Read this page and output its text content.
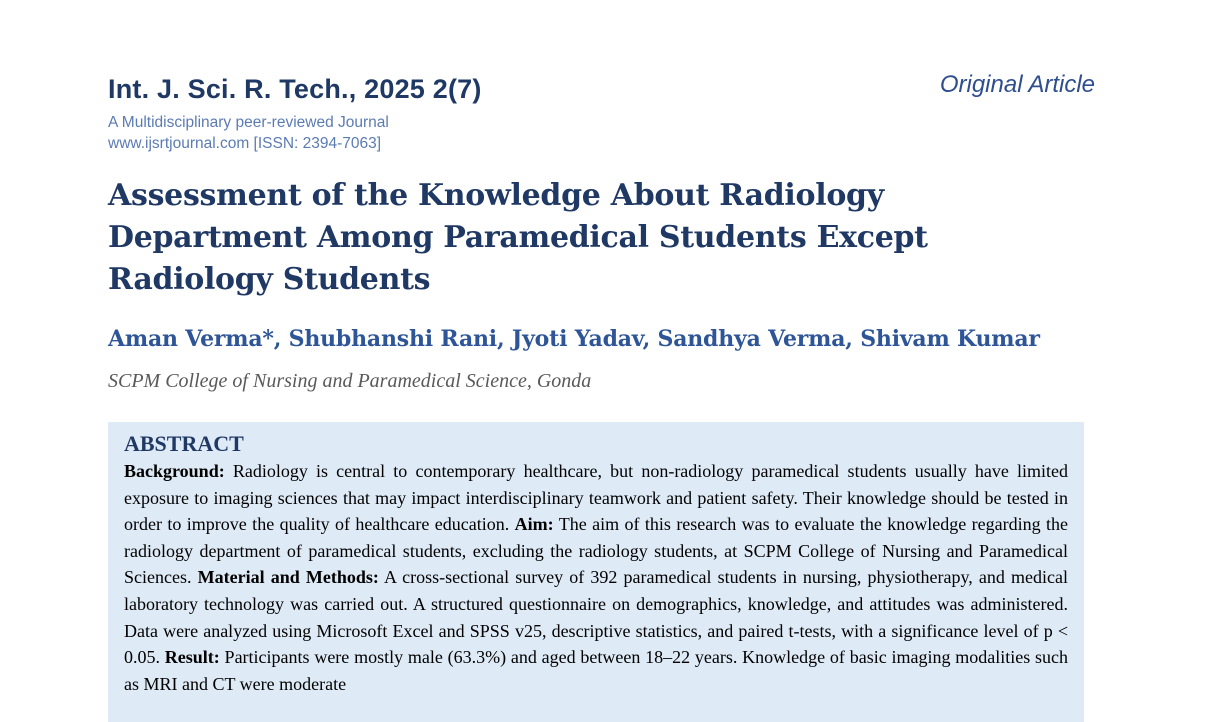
Int. J. Sci. R. Tech., 2025 2(7)	Original Article
A Multidisciplinary peer-reviewed Journal
www.ijsrtjournal.com [ISSN: 2394-7063]
Assessment of the Knowledge About Radiology Department Among Paramedical Students Except Radiology Students
Aman Verma*, Shubhanshi Rani, Jyoti Yadav, Sandhya Verma, Shivam Kumar
SCPM College of Nursing and Paramedical Science, Gonda
ABSTRACT

Background: Radiology is central to contemporary healthcare, but non-radiology paramedical students usually have limited exposure to imaging sciences that may impact interdisciplinary teamwork and patient safety. Their knowledge should be tested in order to improve the quality of healthcare education. Aim: The aim of this research was to evaluate the knowledge regarding the radiology department of paramedical students, excluding the radiology students, at SCPM College of Nursing and Paramedical Sciences. Material and Methods: A cross-sectional survey of 392 paramedical students in nursing, physiotherapy, and medical laboratory technology was carried out. A structured questionnaire on demographics, knowledge, and attitudes was administered. Data were analyzed using Microsoft Excel and SPSS v25, descriptive statistics, and paired t-tests, with a significance level of p < 0.05. Result: Participants were mostly male (63.3%) and aged between 18–22 years. Knowledge of basic imaging modalities such as MRI and CT were moderate
